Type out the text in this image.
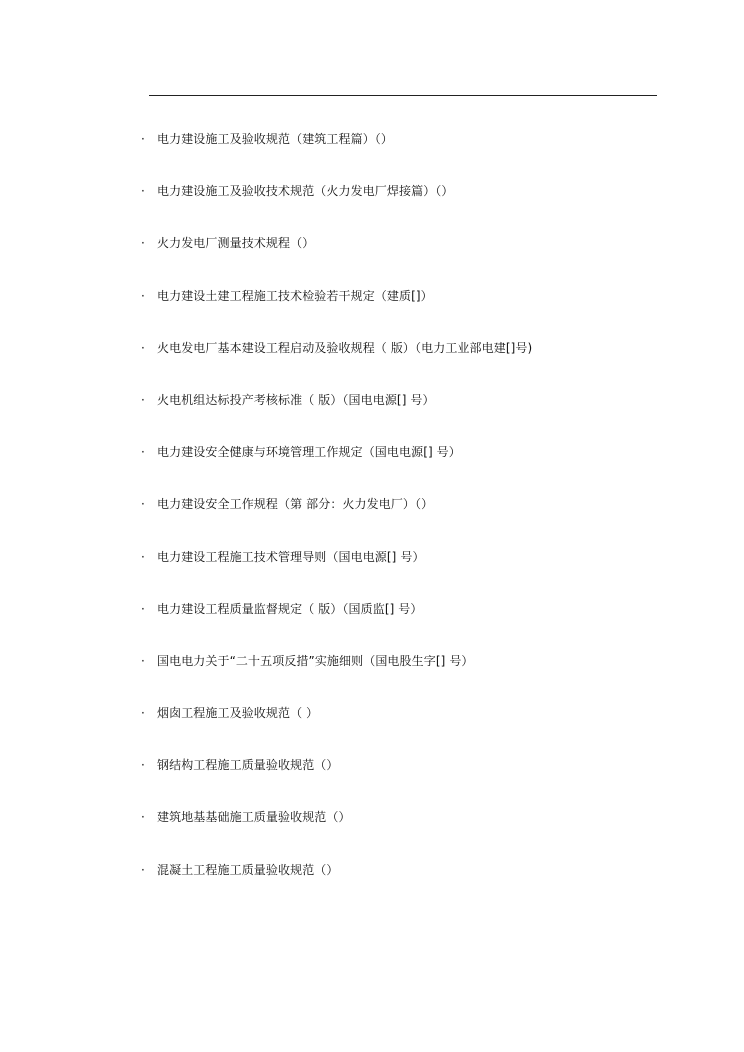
· 电力建设施工及验收规范（建筑工程篇）（）
· 电力建设施工及验收技术规范（火力发电厂焊接篇）（）
· 火力发电厂测量技术规程（）
· 电力建设土建工程施工技术检验若干规定（建质[]）
· 火电发电厂基本建设工程启动及验收规程（ 版）（电力工业部电建[]号)
· 火电机组达标投产考核标准（ 版）（国电电源[] 号）
· 电力建设安全健康与环境管理工作规定（国电电源[] 号）
· 电力建设安全工作规程（第 部分：火力发电厂）（）
· 电力建设工程施工技术管理导则（国电电源[] 号）
· 电力建设工程质量监督规定（ 版）（国质监[] 号）
· 国电电力关于“二十五项反措”实施细则（国电股生字[] 号）
· 烟囱工程施工及验收规范（ ）
· 钢结构工程施工质量验收规范（）
· 建筑地基基础施工质量验收规范（）
· 混凝土工程施工质量验收规范（）
